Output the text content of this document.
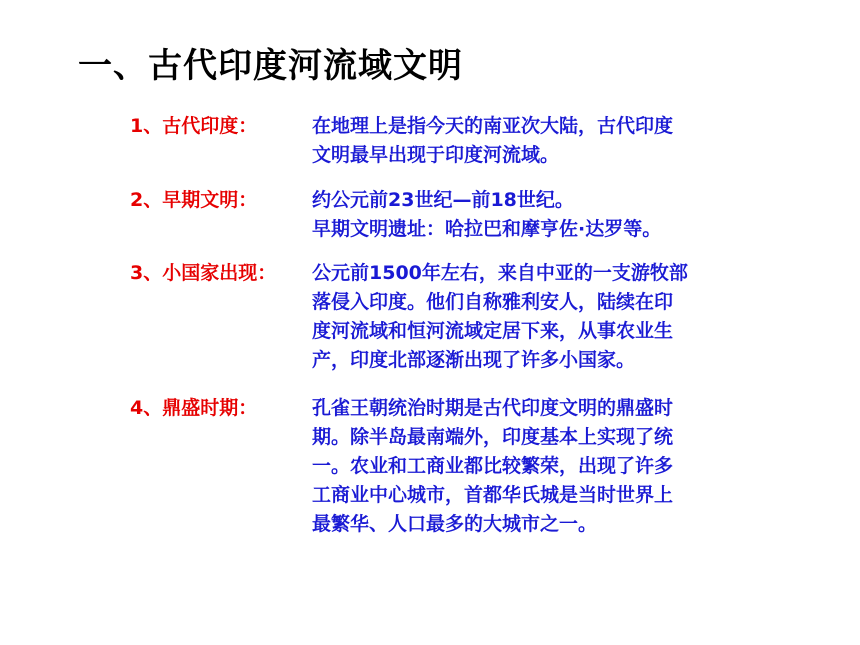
一、古代印度河流域文明
1、古代印度：	在地理上是指今天的南亚次大陆，古代印度
文明最早出现于印度河流域。
2、早期文明：	约公元前23世纪—前18世纪。
早期文明遗址：哈拉巴和摩亨佐·达罗等。
3、小国家出现： 公元前1500年左右，来自中亚的一支游牧部
落侵入印度。他们自称雅利安人，陆续在印
度河流域和恒河流域定居下来，从事农业生
产，印度北部逐渐出现了许多小国家。
4、鼎盛时期：	孔雀王朝统治时期是古代印度文明的鼎盛时
期。除半岛最南端外，印度基本上实现了统
一。农业和工商业都比较繁荣，出现了许多
工商业中心城市，首都华氏城是当时世界上
最繁华、人口最多的大城市之一。
